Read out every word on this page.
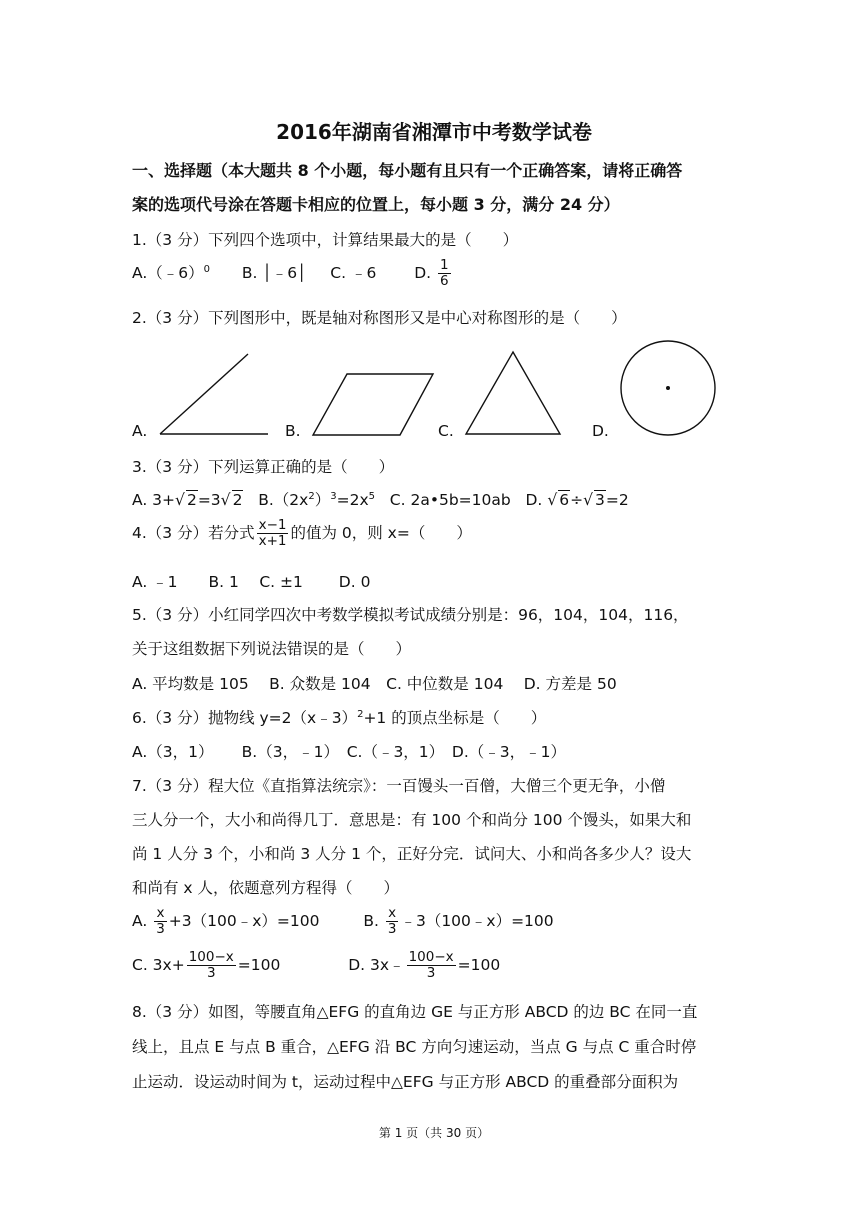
2016年湖南省湘潭市中考数学试卷
一、选择题（本大题共 8 个小题，每小题有且只有一个正确答案，请将正确答
案的选项代号涂在答题卡相应的位置上，每小题 3 分，满分 24 分）
1.（3 分）下列四个选项中，计算结果最大的是（　　）
A.（﹣6）$^0$ B. │﹣6│ C. ﹣6 D. $\frac{1}{6}$
2.（3 分）下列图形中，既是轴对称图形又是中心对称图形的是（　　）
A.	B.	C.	D.
3.（3 分）下列运算正确的是（　　）
A. 3+ √ 2=3 √ 2 $B.(2x^2)^3=2x^5$ C. 2a•5b=10ab D. √ 6÷ √ 3=2
4.（3 分）若分式 $\frac{x-1}{x+1}$ 的值为 0，则 x=（　　）
A. ﹣1　　B. 1　 C. ±1　　 D. 0
5.（3 分）小红同学四次中考数学模拟考试成绩分别是：96，104，104，116，
关于这组数据下列说法错误的是（　　）
A. 平均数是 105　 B. 众数是 104　C. 中位数是 104　 D. 方差是 50
6.（3 分）抛物线 y=2（x﹣3）$^2$+1 的顶点坐标是（　　）
A.（3，1）　　 B.（3，﹣1）　C.（﹣3，1）　D.（﹣3，﹣1）
7.（3 分）程大位《直指算法统宗》：一百馒头一百僧，大僧三个更无争，小僧
三人分一个，大小和尚得几丁．意思是：有 100 个和尚分 100 个馒头，如果大和
尚 1 人分 3 个，小和尚 3 人分 1 个，正好分完．试问大、小和尚各多少人？设大
和尚有 x 人，依题意列方程得（　　）
A. $\frac{x}{3}$ +3（100﹣x）=100	B. $\frac{x}{3}$ ﹣3（100﹣x）=100
C. $3x+ \frac{100-x}{3} =100$	D. 3x﹣ $\frac{100-x}{3} =100$
8.（3 分）如图，等腰直角△EFG 的直角边 GE 与正方形 ABCD 的边 BC 在同一直
线上，且点 E 与点 B 重合，△EFG 沿 BC 方向匀速运动，当点 G 与点 C 重合时停
止运动．设运动时间为 t，运动过程中△EFG 与正方形 ABCD 的重叠部分面积为
第 1 页（共 30 页）
